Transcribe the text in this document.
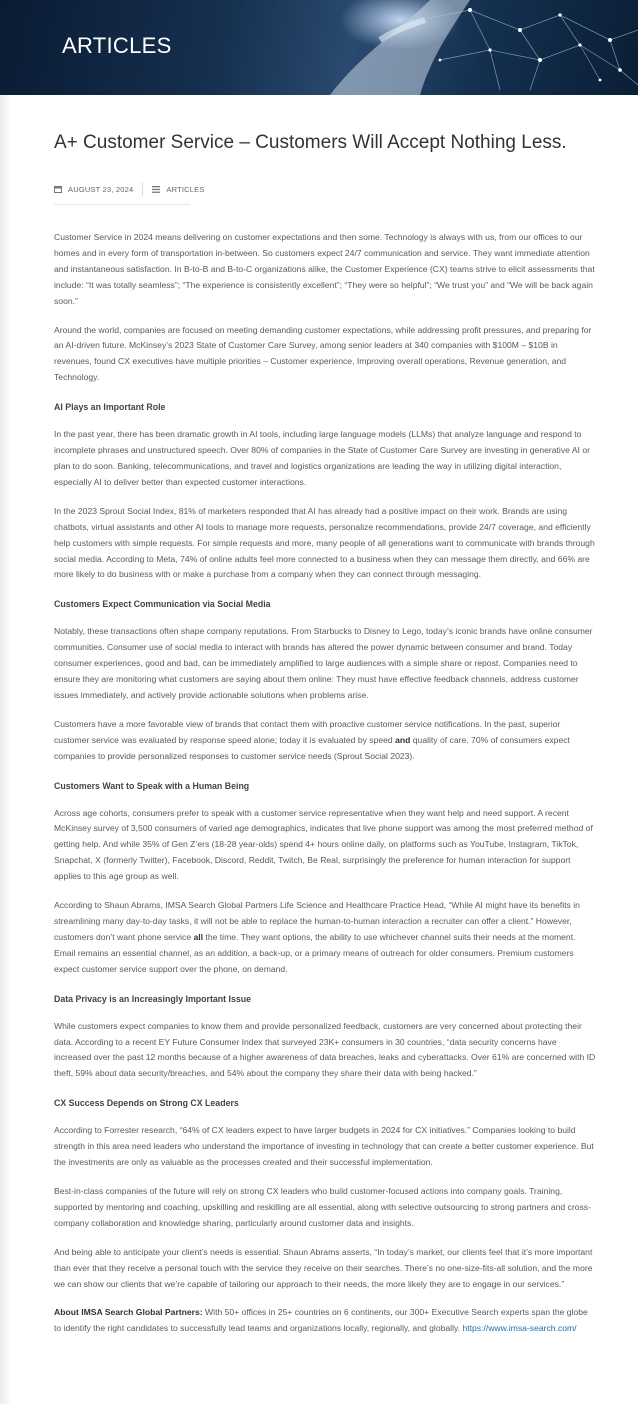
ARTICLES
A+ Customer Service – Customers Will Accept Nothing Less.
AUGUST 23, 2024	ARTICLES

Customer Service in 2024 means delivering on customer expectations and then some. Technology is always with us, from our offices to our homes and in every form of transportation in-between. So customers expect 24/7 communication and service. They want immediate attention and instantaneous satisfaction. In B-to-B and B-to-C organizations alike, the Customer Experience (CX) teams strive to elicit assessments that include: “It was totally seamless”; “The experience is consistently excellent”; “They were so helpful”; “We trust you” and “We will be back again soon.”

Around the world, companies are focused on meeting demanding customer expectations, while addressing profit pressures, and preparing for an AI-driven future. McKinsey’s 2023 State of Customer Care Survey, among senior leaders at 340 companies with $100M – $10B in revenues, found CX executives have multiple priorities – Customer experience, Improving overall operations, Revenue generation, and Technology.

AI Plays an Important Role

In the past year, there has been dramatic growth in AI tools, including large language models (LLMs) that analyze language and respond to incomplete phrases and unstructured speech. Over 80% of companies in the State of Customer Care Survey are investing in generative AI or plan to do soon. Banking, telecommunications, and travel and logistics organizations are leading the way in utilizing digital interaction, especially AI to deliver better than expected customer interactions.

In the 2023 Sprout Social Index, 81% of marketers responded that AI has already had a positive impact on their work. Brands are using chatbots, virtual assistants and other AI tools to manage more requests, personalize recommendations, provide 24/7 coverage, and efficiently help customers with simple requests. For simple requests and more, many people of all generations want to communicate with brands through social media. According to Meta, 74% of online adults feel more connected to a business when they can message them directly, and 66% are more likely to do business with or make a purchase from a company when they can connect through messaging.

Customers Expect Communication via Social Media

Notably, these transactions often shape company reputations. From Starbucks to Disney to Lego, today’s iconic brands have online consumer communities. Consumer use of social media to interact with brands has altered the power dynamic between consumer and brand. Today consumer experiences, good and bad, can be immediately amplified to large audiences with a simple share or repost. Companies need to ensure they are monitoring what customers are saying about them online: They must have effective feedback channels, address customer issues immediately, and actively provide actionable solutions when problems arise.

Customers have a more favorable view of brands that contact them with proactive customer service notifications. In the past, superior customer service was evaluated by response speed alone; today it is evaluated by speed and quality of care. 70% of consumers expect companies to provide personalized responses to customer service needs (Sprout Social 2023).

Customers Want to Speak with a Human Being

Across age cohorts, consumers prefer to speak with a customer service representative when they want help and need support. A recent McKinsey survey of 3,500 consumers of varied age demographics, indicates that live phone support was among the most preferred method of getting help. And while 35% of Gen Z’ers (18-28 year-olds) spend 4+ hours online daily, on platforms such as YouTube, Instagram, TikTok, Snapchat, X (formerly Twitter), Facebook, Discord, Reddit, Twitch, Be Real, surprisingly the preference for human interaction for support applies to this age group as well.

According to Shaun Abrams, IMSA Search Global Partners Life Science and Healthcare Practice Head, “While AI might have its benefits in streamlining many day-to-day tasks, it will not be able to replace the human-to-human interaction a recruiter can offer a client.” However, customers don’t want phone service all the time. They want options, the ability to use whichever channel suits their needs at the moment. Email remains an essential channel, as an addition, a back-up, or a primary means of outreach for older consumers. Premium customers expect customer service support over the phone, on demand.

Data Privacy is an Increasingly Important Issue

While customers expect companies to know them and provide personalized feedback, customers are very concerned about protecting their data. According to a recent EY Future Consumer Index that surveyed 23K+ consumers in 30 countries, “data security concerns have increased over the past 12 months because of a higher awareness of data breaches, leaks and cyberattacks. Over 61% are concerned with ID theft, 59% about data security/breaches, and 54% about the company they share their data with being hacked.”

CX Success Depends on Strong CX Leaders

According to Forrester research, “64% of CX leaders expect to have larger budgets in 2024 for CX initiatives.” Companies looking to build strength in this area need leaders who understand the importance of investing in technology that can create a better customer experience. But the investments are only as valuable as the processes created and their successful implementation.

Best-in-class companies of the future will rely on strong CX leaders who build customer-focused actions into company goals. Training, supported by mentoring and coaching, upskilling and reskilling are all essential, along with selective outsourcing to strong partners and cross-company collaboration and knowledge sharing, particularly around customer data and insights.

And being able to anticipate your client’s needs is essential. Shaun Abrams asserts, “In today’s market, our clients feel that it’s more important than ever that they receive a personal touch with the service they receive on their searches. There’s no one-size-fits-all solution, and the more we can show our clients that we’re capable of tailoring our approach to their needs, the more likely they are to engage in our services.”

About IMSA Search Global Partners: With 50+ offices in 25+ countries on 6 continents, our 300+ Executive Search experts span the globe to identify the right candidates to successfully lead teams and organizations locally, regionally, and globally. https://www.imsa-search.com/
